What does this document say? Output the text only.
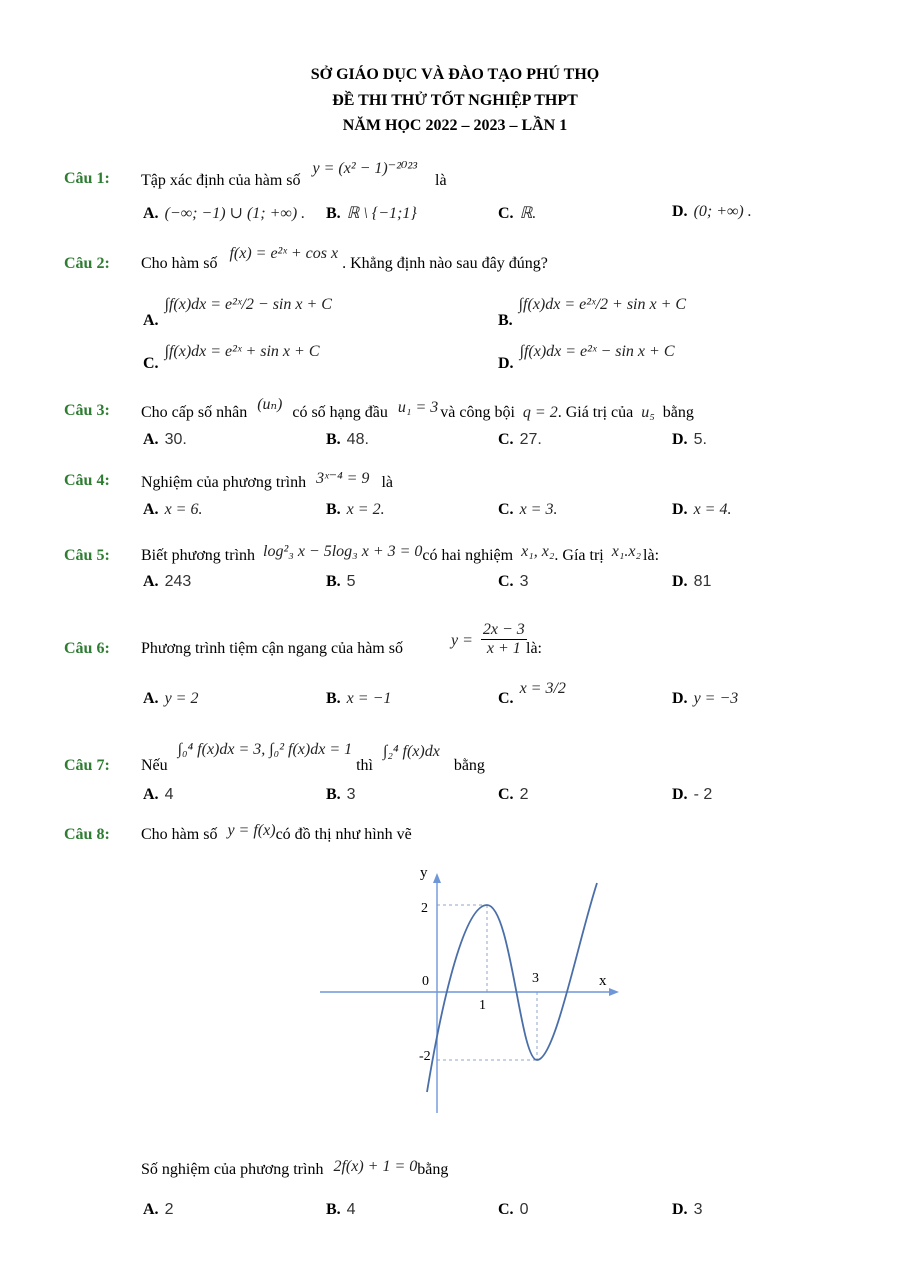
SỞ GIÁO DỤC VÀ ĐÀO TẠO PHÚ THỌ
ĐỀ THI THỬ TỐT NGHIỆP THPT
NĂM HỌC 2022 – 2023 – LẦN 1
Câu 1: Tập xác định của hàm số y = (x² − 1)⁻²⁰²³ là
A. (−∞; −1) ∪ (1; +∞) . B. ℝ \ {−1;1}	C. ℝ.	D. (0; +∞) .
Câu 2: Cho hàm số f(x) = e²ˣ + cos x . Khẳng định nào sau đây đúng?
A.∫f(x)dx = e²ˣ/2 − sin x + C
B.∫f(x)dx = e²ˣ/2 + sin x + C
C.∫f(x)dx = e²ˣ + sin x + C
D.∫f(x)dx = e²ˣ − sin x + C
Câu 3: Cho cấp số nhân (uₙ) có số hạng đầu u₁ = 3 và công bội q = 2. Giá trị của u₅ bằng
A. 30.	B. 48.	C. 27.	D. 5.
Câu 4: Nghiệm của phương trình 3ˣ⁻⁴ = 9 là
A. x = 6.	B. x = 2.	C. x = 3.	D. x = 4.
Câu 5: Biết phương trình log²₃ x − 5log₃ x + 3 = 0có hai nghiệm x₁, x₂. Gía trị x₁.x₂ là:
A. 243	B. 5	C. 3	D. 81
Câu 6: Phương trình tiệm cận ngang của hàm số	$y = \frac{2x - 3}{x + 1}$ là:
A. y = 2	B. x = −1	C.x = 3/2
D. y = −3
Câu 7: Nếu ∫₀⁴ f(x)dx = 3, ∫₀² f(x)dx = 1 thì ∫₂⁴ f(x)dx bằng
A. 4	B. 3	C. 2	D. - 2
Câu 8: Cho hàm số y = f(x)có đồ thị như hình vẽ
y
x
2
0
-2
1
3
Số nghiệm của phương trình 2f(x) + 1 = 0bằng
A. 2	B. 4	C. 0	D. 3
